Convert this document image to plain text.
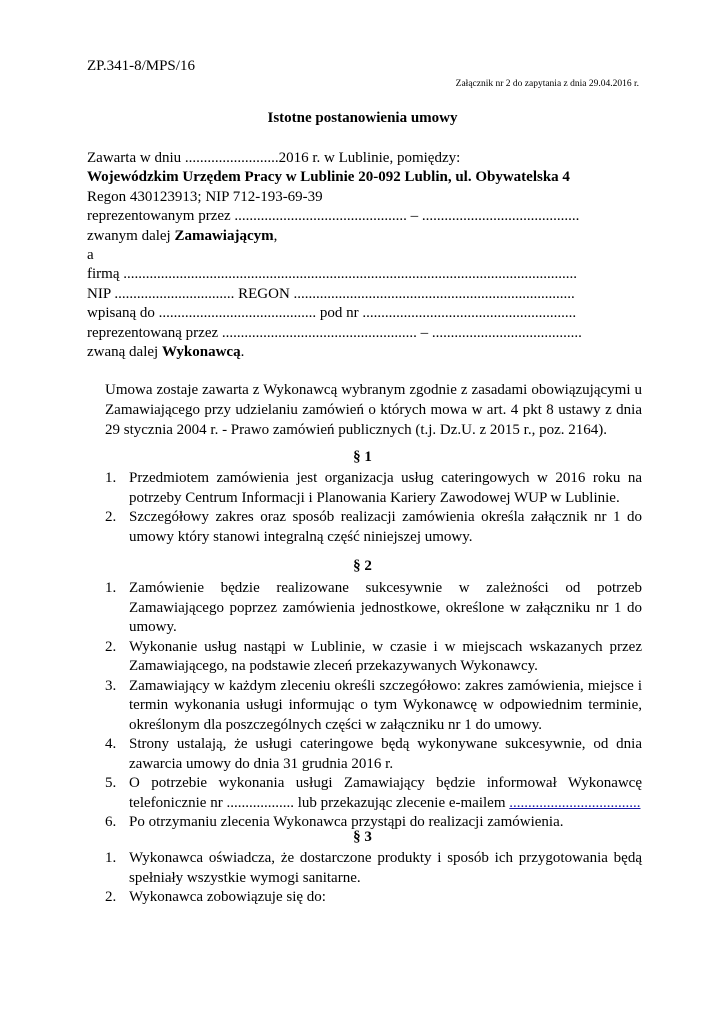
ZP.341-8/MPS/16
Załącznik nr 2 do zapytania z dnia 29.04.2016 r.
Istotne postanowienia umowy
Zawarta w dniu .........................2016 r. w Lublinie, pomiędzy:
Wojewódzkim Urzędem Pracy w Lublinie 20-092 Lublin, ul. Obywatelska 4
Regon 430123913; NIP 712-193-69-39
reprezentowanym przez .............................................. – ..........................................
zwanym dalej Zamawiającym,
a
firmą .........................................................................................................................
NIP ................................ REGON ...........................................................................
wpisaną do .......................................... pod nr .........................................................
reprezentowaną przez .................................................... – ........................................
zwaną dalej Wykonawcą.
Umowa zostaje zawarta z Wykonawcą wybranym zgodnie z zasadami obowiązującymi u Zamawiającego przy udzielaniu zamówień o których mowa w art. 4 pkt 8 ustawy z dnia 29 stycznia 2004 r. - Prawo zamówień publicznych (t.j. Dz.U. z 2015 r., poz. 2164).
§ 1
1. Przedmiotem zamówienia jest organizacja usług cateringowych w 2016 roku na potrzeby Centrum Informacji i Planowania Kariery Zawodowej WUP w Lublinie.
2. Szczegółowy zakres oraz sposób realizacji zamówienia określa załącznik nr 1 do umowy który stanowi integralną część niniejszej umowy.
§ 2
1. Zamówienie będzie realizowane sukcesywnie w zależności od potrzeb Zamawiającego poprzez zamówienia jednostkowe, określone w załączniku nr 1 do umowy.
2. Wykonanie usług nastąpi w Lublinie, w czasie i w miejscach wskazanych przez Zamawiającego, na podstawie zleceń przekazywanych Wykonawcy.
3. Zamawiający w każdym zleceniu określi szczegółowo: zakres zamówienia, miejsce i termin wykonania usługi informując o tym Wykonawcę w odpowiednim terminie, określonym dla poszczególnych części w załączniku nr 1 do umowy.
4. Strony ustalają, że usługi cateringowe będą wykonywane sukcesywnie, od dnia zawarcia umowy do dnia 31 grudnia 2016 r.
5. O potrzebie wykonania usługi Zamawiający będzie informował Wykonawcę telefonicznie nr .................. lub przekazując zlecenie e-mailem ...................................
6. Po otrzymaniu zlecenia Wykonawca przystąpi do realizacji zamówienia.
§ 3
1. Wykonawca oświadcza, że dostarczone produkty i sposób ich przygotowania będą spełniały wszystkie wymogi sanitarne.
2. Wykonawca zobowiązuje się do:
